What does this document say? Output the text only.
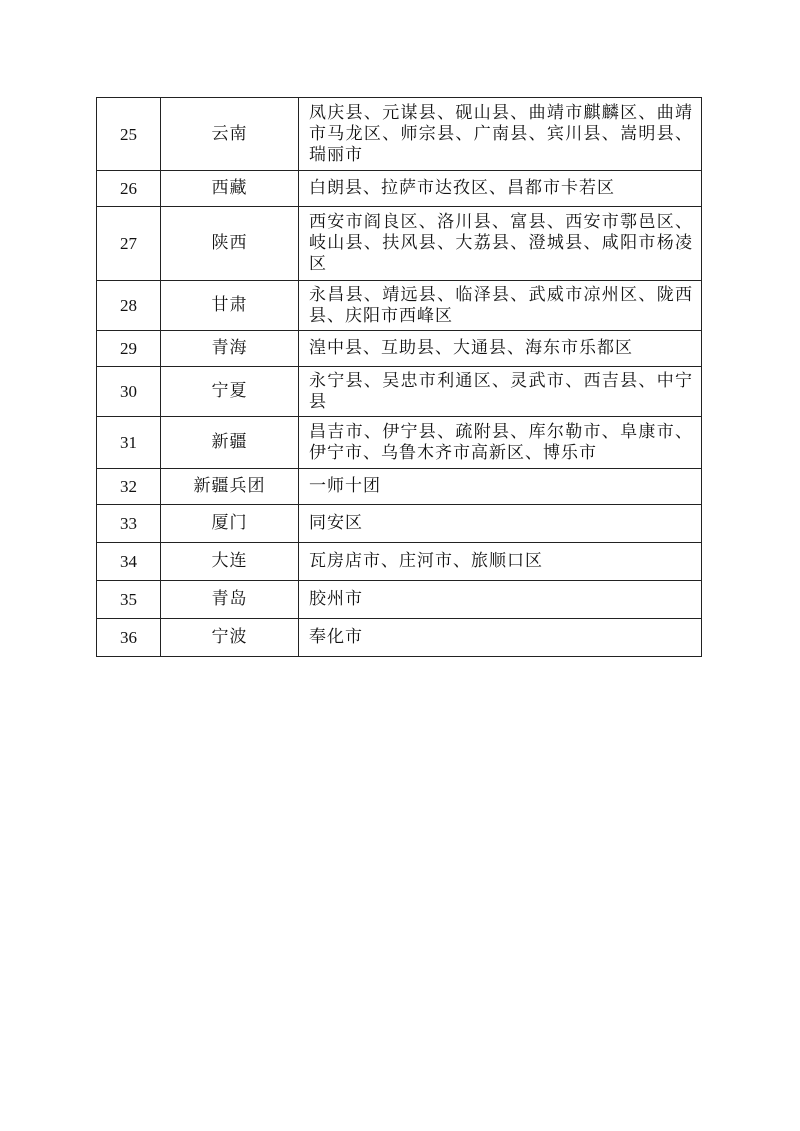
25	云南	凤庆县、元谋县、砚山县、曲靖市麒麟区、曲靖市马龙区、师宗县、广南县、宾川县、嵩明县、瑞丽市
26	西藏	白朗县、拉萨市达孜区、昌都市卡若区
27	陕西	西安市阎良区、洛川县、富县、西安市鄠邑区、岐山县、扶风县、大荔县、澄城县、咸阳市杨凌区
28	甘肃	永昌县、靖远县、临泽县、武威市凉州区、陇西县、庆阳市西峰区
29	青海	湟中县、互助县、大通县、海东市乐都区
30	宁夏	永宁县、吴忠市利通区、灵武市、西吉县、中宁县
31	新疆	昌吉市、伊宁县、疏附县、库尔勒市、阜康市、伊宁市、乌鲁木齐市高新区、博乐市
32	新疆兵团	一师十团
33	厦门	同安区
34	大连	瓦房店市、庄河市、旅顺口区
35	青岛	胶州市
36	宁波	奉化市
